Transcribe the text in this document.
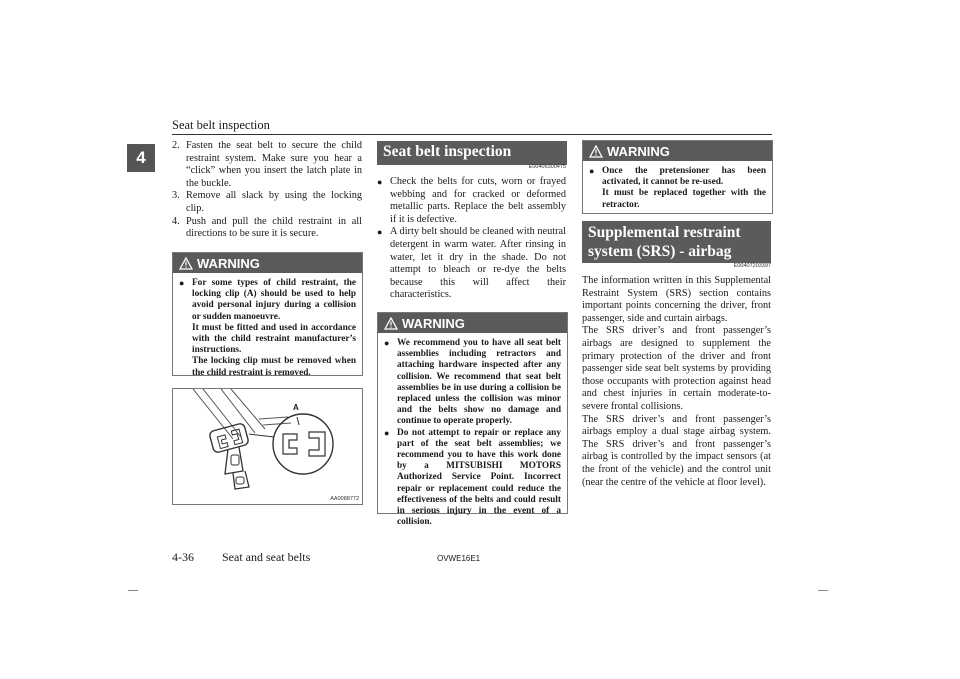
Seat belt inspection
4
2. Fasten the seat belt to secure the child restraint system. Make sure you hear a “click” when you insert the latch plate in the buckle.
3. Remove all slack by using the locking clip.
4. Push and pull the child restraint in all directions to be sure it is secure.
WARNING
● For some types of child restraint, the locking clip (A) should be used to help avoid personal injury during a collision or sudden manoeuvre.
It must be fitted and used in accordance with the child restraint manufacturer’s instructions.
The locking clip must be removed when the child restraint is removed.
A
AA0088772
Seat belt inspection
E00406300475
● Check the belts for cuts, worn or frayed webbing and for cracked or deformed metallic parts. Replace the belt assembly if it is defective.
● A dirty belt should be cleaned with neutral detergent in warm water. After rinsing in water, let it dry in the shade. Do not attempt to bleach or re-dye the belts because this will affect their characteristics.
WARNING
● We recommend you to have all seat belt assemblies including retractors and attaching hardware inspected after any collision. We recommend that seat belt assemblies be in use during a collision be replaced unless the collision was minor and the belts show no damage and continue to operate properly.
● Do not attempt to repair or replace any part of the seat belt assemblies; we recommend you to have this work done by a MITSUBISHI MOTORS Authorized Service Point. Incorrect repair or replacement could reduce the effectiveness of the belts and could result in serious injury in the event of a collision.
WARNING
● Once the pretensioner has been activated, it cannot be re-used.
It must be replaced together with the retractor.
Supplemental restraint
system (SRS) - airbag
E00407203397
The information written in this Supplemental Restraint System (SRS) section contains important points concerning the driver, front passenger, side and curtain airbags.
The SRS driver’s and front passenger’s airbags are designed to supplement the primary protection of the driver and front passenger side seat belt systems by providing those occupants with protection against head and chest injuries in certain moderate-to-severe frontal collisions.
The SRS driver’s and front passenger’s airbags employ a dual stage airbag system. The SRS driver’s and front passenger’s airbag is controlled by the impact sensors (at the front of the vehicle) and the control unit (near the centre of the vehicle at floor level).
4-36 Seat and seat belts	OVWE16E1
